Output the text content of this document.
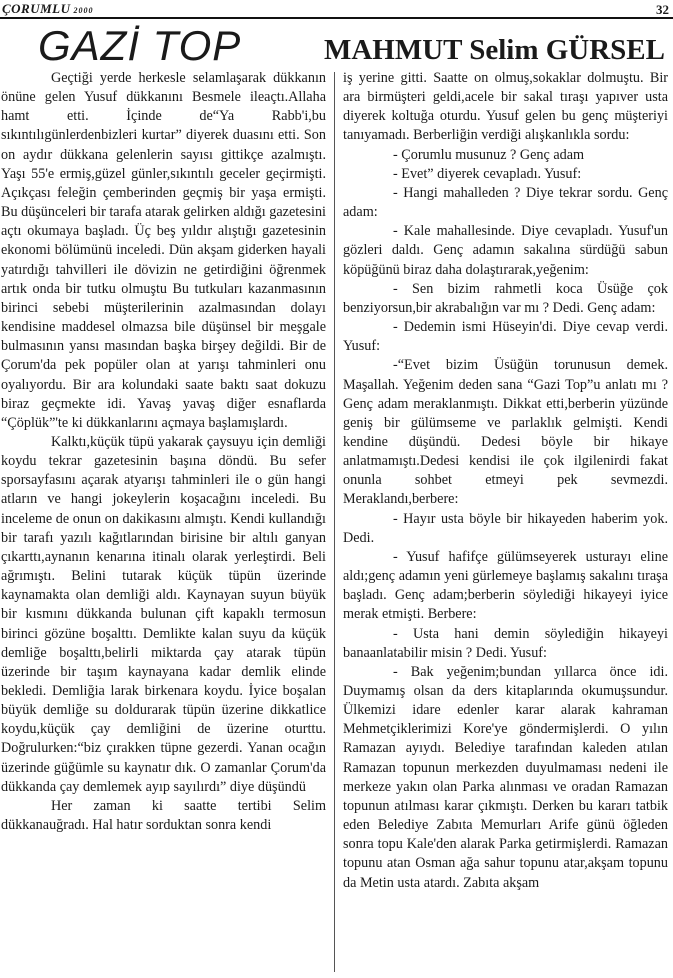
ÇORUMLU 2000	32
GAZİ TOP	MAHMUT Selim GÜRSEL

Geçtiği yerde herkesle selamlaşarak dükkanın önüne gelen Yusuf dükkanını Besmele ileaçtı.Allaha hamt etti. İçinde de“Ya Rabb'i,bu sıkıntılıgünlerdenbizleri kurtar” diyerek duasını etti. Son on aydır dükkana gelenlerin sayısı gittikçe azalmıştı. Yaşı 55'e ermiş,güzel günler,sıkıntılı geceler geçirmişti. Açıkçası feleğin çemberinden geçmiş bir yaşa ermişti. Bu düşünceleri bir tarafa atarak gelirken aldığı gazetesini açtı okumaya başladı. Üç beş yıldır alıştığı gazetesinin ekonomi bölümünü inceledi. Dün akşam giderken hayali yatırdığı tahvilleri ile dövizin ne getirdiğini öğrenmek artık onda bir tutku olmuştu Bu tutkuları kazanmasının birinci sebebi müşterilerinin azalmasından dolayı kendisine maddesel olmazsa bile düşünsel bir meşgale bulmasının yansı masından başka birşey değildi. Bir de Çorum'da pek popüler olan at yarışı tahminleri onu oyalıyordu. Bir ara kolundaki saate baktı saat dokuzu biraz geçmekte idi. Yavaş yavaş diğer esnaflarda “Çöplük”'te ki dükkanlarını açmaya başlamışlardı.

Kalktı,küçük tüpü yakarak çaysuyu için demliği koydu tekrar gazetesinin başına döndü. Bu sefer sporsayfasını açarak atyarışı tahminleri ile o gün hangi atların ve hangi jokeylerin koşacağını inceledi. Bu inceleme de onun on dakikasını almıştı. Kendi kullandığı bir tarafı yazılı kağıtlarından birisine bir altılı ganyan çıkarttı,aynanın kenarına itinalı olarak yerleştirdi. Beli ağrımıştı. Belini tutarak küçük tüpün üzerinde kaynamakta olan demliği aldı. Kaynayan suyun büyük bir kısmını dükkanda bulunan çift kapaklı termosun birinci gözüne boşalttı. Demlikte kalan suyu da küçük demliğe boşalttı,belirli miktarda çay atarak tüpün üzerinde bir taşım kaynayana kadar demlik elinde bekledi. Demliğia larak birkenara koydu. İyice boşalan büyük demliğe su doldurarak tüpün üzerine dikkatlice koydu,küçük çay demliğini de üzerine oturttu. Doğrulurken:“biz çırakken tüpne gezerdi. Yanan ocağın üzerinde güğümle su kaynatır dık. O zamanlar Çorum'da dükkanda çay demlemek ayıp sayılırdı” diye düşündü

Her zaman ki saatte tertibi Selim dükkanauğradı. Hal hatır sorduktan sonra kendi

iş yerine gitti. Saatte on olmuş,sokaklar dolmuştu. Bir ara birmüşteri geldi,acele bir sakal tıraşı yapıver usta diyerek koltuğa oturdu. Yusuf gelen bu genç müşteriyi tanıyamadı. Berberliğin verdiği alışkanlıkla sordu:

- Çorumlu musunuz ? Genç adam

- Evet” diyerek cevapladı. Yusuf:

- Hangi mahalleden ? Diye tekrar sordu. Genç adam:

- Kale mahallesinde. Diye cevapladı. Yusuf'un gözleri daldı. Genç adamın sakalına sürdüğü sabun köpüğünü biraz daha dolaştırarak,yeğenim:

- Sen bizim rahmetli koca Üsüğe çok benziyorsun,bir akrabalığın var mı ? Dedi. Genç adam:

- Dedemin ismi Hüseyin'di. Diye cevap verdi. Yusuf:

-“Evet bizim Üsüğün torunusun demek. Maşallah. Yeğenim deden sana “Gazi Top”u anlatı mı ? Genç adam meraklanmıştı. Dikkat etti,berberin yüzünde geniş bir gülümseme ve parlaklık gelmişti. Kendi kendine düşündü. Dedesi böyle bir hikaye anlatmamıştı.Dedesi kendisi ile çok ilgilenirdi fakat onunla sohbet etmeyi pek sevmezdi. Meraklandı,berbere:

- Hayır usta böyle bir hikayeden haberim yok. Dedi.

- Yusuf hafifçe gülümseyerek usturayı eline aldı;genç adamın yeni gürlemeye başlamış sakalını tıraşa başladı. Genç adam;berberin söylediği hikayeyi iyice merak etmişti. Berbere:

- Usta hani demin söylediğin hikayeyi banaanlatabilir misin ? Dedi. Yusuf:

- Bak yeğenim;bundan yıllarca önce idi. Duymamış olsan da ders kitaplarında okumuşsundur. Ülkemizi idare edenler karar alarak kahraman Mehmetçiklerimizi Kore'ye göndermişlerdi. O yılın Ramazan ayıydı. Belediye tarafından kaleden atılan Ramazan topunun merkezden duyulmaması nedeni ile merkeze yakın olan Parka alınması ve oradan Ramazan topunun atılması karar çıkmıştı. Derken bu kararı tatbik eden Belediye Zabıta Memurları Arife günü öğleden sonra topu Kale'den alarak Parka getirmişlerdi. Ramazan topunu atan Osman ağa sahur topunu atar,akşam topunu da Metin usta atardı. Zabıta akşam
